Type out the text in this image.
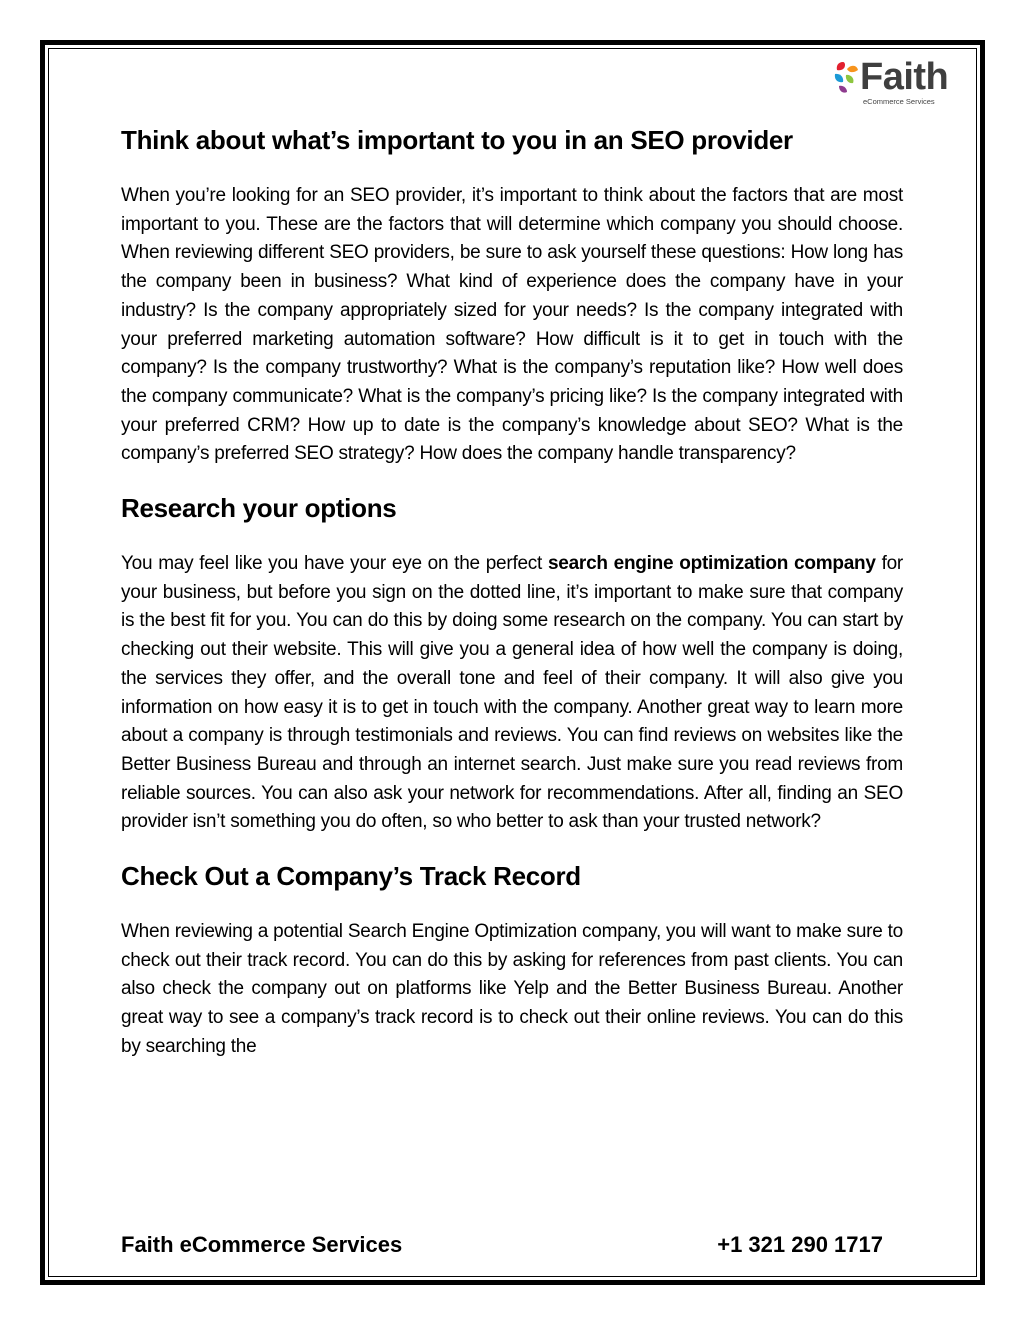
Faith
eCommerce Services
Think about what’s important to you in an SEO provider

When you’re looking for an SEO provider, it’s important to think about the factors that are most important to you. These are the factors that will determine which company you should choose. When reviewing different SEO providers, be sure to ask yourself these questions: How long has the company been in business? What kind of experience does the company have in your industry? Is the company appropriately sized for your needs? Is the company integrated with your preferred marketing automation software? How difficult is it to get in touch with the company? Is the company trustworthy? What is the company’s reputation like? How well does the company communicate? What is the company’s pricing like? Is the company integrated with your preferred CRM? How up to date is the company’s knowledge about SEO? What is the company’s preferred SEO strategy? How does the company handle transparency?

Research your options

You may feel like you have your eye on the perfect search engine optimization company for your business, but before you sign on the dotted line, it’s important to make sure that company is the best fit for you. You can do this by doing some research on the company. You can start by checking out their website. This will give you a general idea of how well the company is doing, the services they offer, and the overall tone and feel of their company. It will also give you information on how easy it is to get in touch with the company. Another great way to learn more about a company is through testimonials and reviews. You can find reviews on websites like the Better Business Bureau and through an internet search. Just make sure you read reviews from reliable sources. You can also ask your network for recommendations. After all, finding an SEO provider isn’t something you do often, so who better to ask than your trusted network?

Check Out a Company’s Track Record

When reviewing a potential Search Engine Optimization company, you will want to make sure to check out their track record. You can do this by asking for references from past clients. You can also check the company out on platforms like Yelp and the Better Business Bureau. Another great way to see a company’s track record is to check out their online reviews. You can do this by searching the

Faith eCommerce Services	+1 321 290 1717
